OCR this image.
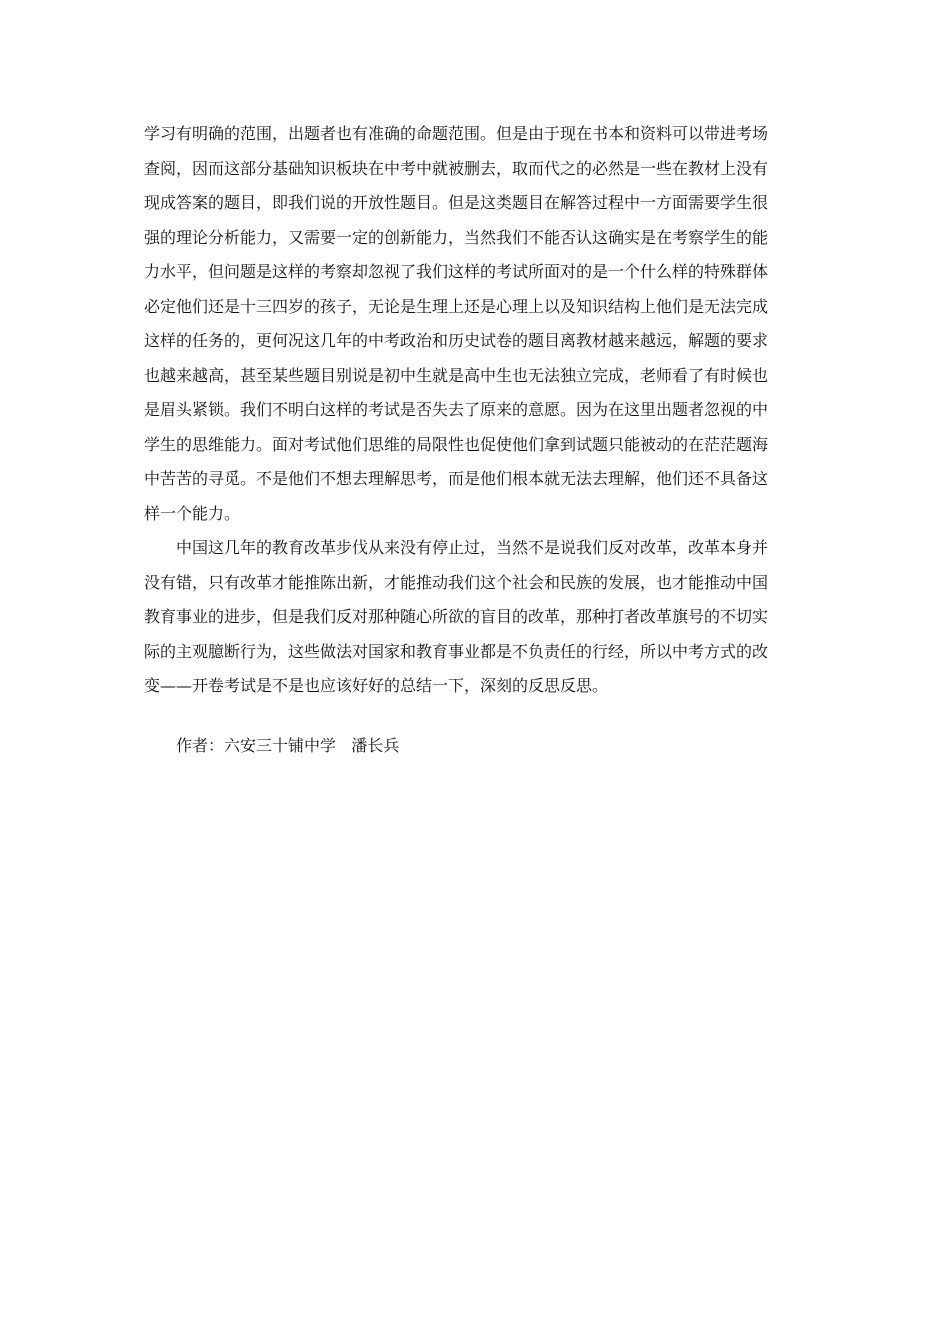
学习有明确的范围，出题者也有准确的命题范围。但是由于现在书本和资料可以带进考场
查阅，因而这部分基础知识板块在中考中就被删去，取而代之的必然是一些在教材上没有
现成答案的题目，即我们说的开放性题目。但是这类题目在解答过程中一方面需要学生很
强的理论分析能力，又需要一定的创新能力，当然我们不能否认这确实是在考察学生的能
力水平，但问题是这样的考察却忽视了我们这样的考试所面对的是一个什么样的特殊群体
必定他们还是十三四岁的孩子，无论是生理上还是心理上以及知识结构上他们是无法完成
这样的任务的，更何况这几年的中考政治和历史试卷的题目离教材越来越远，解题的要求
也越来越高，甚至某些题目别说是初中生就是高中生也无法独立完成，老师看了有时候也
是眉头紧锁。我们不明白这样的考试是否失去了原来的意愿。因为在这里出题者忽视的中
学生的思维能力。面对考试他们思维的局限性也促使他们拿到试题只能被动的在茫茫题海
中苦苦的寻觅。不是他们不想去理解思考，而是他们根本就无法去理解，他们还不具备这
样一个能力。

中国这几年的教育改革步伐从来没有停止过，当然不是说我们反对改革，改革本身并
没有错，只有改革才能推陈出新，才能推动我们这个社会和民族的发展，也才能推动中国
教育事业的进步，但是我们反对那种随心所欲的盲目的改革，那种打者改革旗号的不切实
际的主观臆断行为，这些做法对国家和教育事业都是不负责任的行经，所以中考方式的改
变——开卷考试是不是也应该好好的总结一下，深刻的反思反思。

作者：六安三十铺中学   潘长兵
